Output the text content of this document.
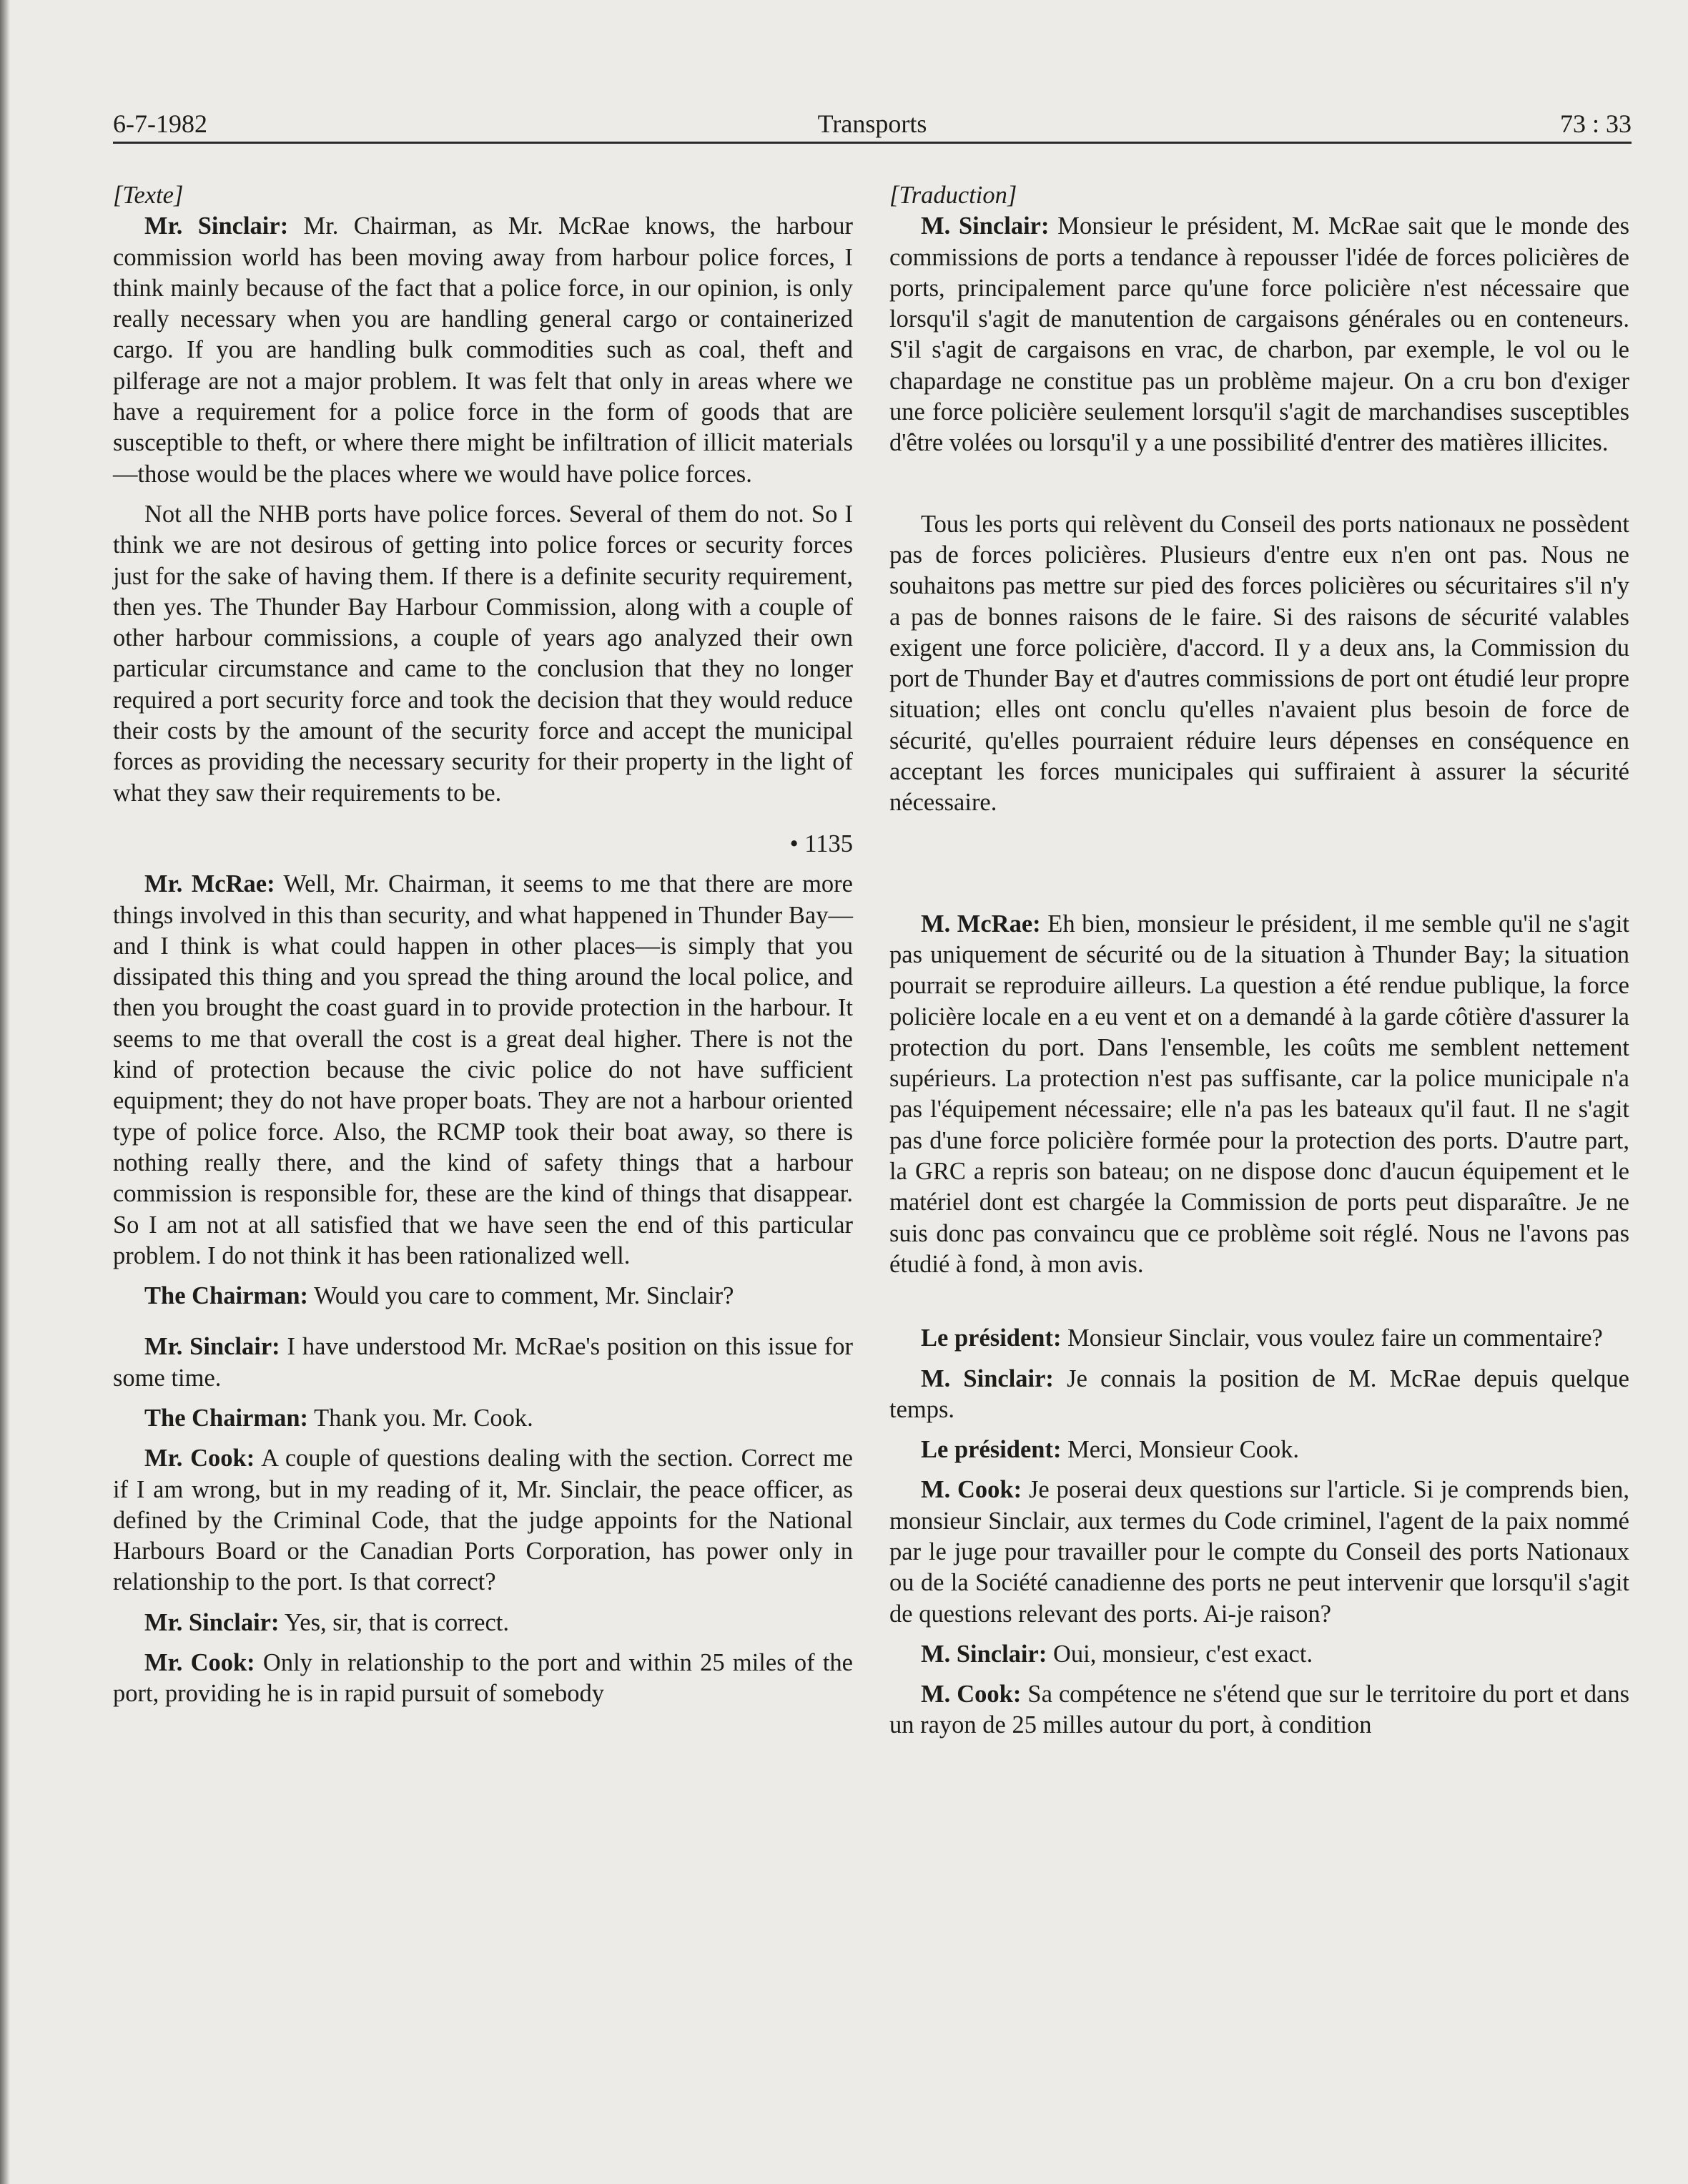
6-7-1982	Transports	73 : 33

[Texte]

Mr. Sinclair: Mr. Chairman, as Mr. McRae knows, the harbour commission world has been moving away from harbour police forces, I think mainly because of the fact that a police force, in our opinion, is only really necessary when you are handling general cargo or containerized cargo. If you are handling bulk commodities such as coal, theft and pilferage are not a major problem. It was felt that only in areas where we have a requirement for a police force in the form of goods that are susceptible to theft, or where there might be infiltration of illicit materials—those would be the places where we would have police forces.

Not all the NHB ports have police forces. Several of them do not. So I think we are not desirous of getting into police forces or security forces just for the sake of having them. If there is a definite security requirement, then yes. The Thunder Bay Harbour Commission, along with a couple of other harbour commissions, a couple of years ago analyzed their own particular circumstance and came to the conclusion that they no longer required a port security force and took the decision that they would reduce their costs by the amount of the security force and accept the municipal forces as providing the necessary security for their property in the light of what they saw their requirements to be.

• 1135

Mr. McRae: Well, Mr. Chairman, it seems to me that there are more things involved in this than security, and what happened in Thunder Bay—and I think is what could happen in other places—is simply that you dissipated this thing and you spread the thing around the local police, and then you brought the coast guard in to provide protection in the harbour. It seems to me that overall the cost is a great deal higher. There is not the kind of protection because the civic police do not have sufficient equipment; they do not have proper boats. They are not a harbour oriented type of police force. Also, the RCMP took their boat away, so there is nothing really there, and the kind of safety things that a harbour commission is responsible for, these are the kind of things that disappear. So I am not at all satisfied that we have seen the end of this particular problem. I do not think it has been rationalized well.

The Chairman: Would you care to comment, Mr. Sinclair?

Mr. Sinclair: I have understood Mr. McRae's position on this issue for some time.

The Chairman: Thank you. Mr. Cook.

Mr. Cook: A couple of questions dealing with the section. Correct me if I am wrong, but in my reading of it, Mr. Sinclair, the peace officer, as defined by the Criminal Code, that the judge appoints for the National Harbours Board or the Canadian Ports Corporation, has power only in relationship to the port. Is that correct?

Mr. Sinclair: Yes, sir, that is correct.

Mr. Cook: Only in relationship to the port and within 25 miles of the port, providing he is in rapid pursuit of somebody

[Traduction]

M. Sinclair: Monsieur le président, M. McRae sait que le monde des commissions de ports a tendance à repousser l'idée de forces policières de ports, principalement parce qu'une force policière n'est nécessaire que lorsqu'il s'agit de manutention de cargaisons générales ou en conteneurs. S'il s'agit de cargaisons en vrac, de charbon, par exemple, le vol ou le chapardage ne constitue pas un problème majeur. On a cru bon d'exiger une force policière seulement lorsqu'il s'agit de marchandises susceptibles d'être volées ou lorsqu'il y a une possibilité d'entrer des matières illicites.

Tous les ports qui relèvent du Conseil des ports nationaux ne possèdent pas de forces policières. Plusieurs d'entre eux n'en ont pas. Nous ne souhaitons pas mettre sur pied des forces policières ou sécuritaires s'il n'y a pas de bonnes raisons de le faire. Si des raisons de sécurité valables exigent une force policière, d'accord. Il y a deux ans, la Commission du port de Thunder Bay et d'autres commissions de port ont étudié leur propre situation; elles ont conclu qu'elles n'avaient plus besoin de force de sécurité, qu'elles pourraient réduire leurs dépenses en conséquence en acceptant les forces municipales qui suffiraient à assurer la sécurité nécessaire.

M. McRae: Eh bien, monsieur le président, il me semble qu'il ne s'agit pas uniquement de sécurité ou de la situation à Thunder Bay; la situation pourrait se reproduire ailleurs. La question a été rendue publique, la force policière locale en a eu vent et on a demandé à la garde côtière d'assurer la protection du port. Dans l'ensemble, les coûts me semblent nettement supérieurs. La protection n'est pas suffisante, car la police municipale n'a pas l'équipement nécessaire; elle n'a pas les bateaux qu'il faut. Il ne s'agit pas d'une force policière formée pour la protection des ports. D'autre part, la GRC a repris son bateau; on ne dispose donc d'aucun équipement et le matériel dont est chargée la Commission de ports peut disparaître. Je ne suis donc pas convaincu que ce problème soit réglé. Nous ne l'avons pas étudié à fond, à mon avis.

Le président: Monsieur Sinclair, vous voulez faire un commentaire?

M. Sinclair: Je connais la position de M. McRae depuis quelque temps.

Le président: Merci, Monsieur Cook.

M. Cook: Je poserai deux questions sur l'article. Si je comprends bien, monsieur Sinclair, aux termes du Code criminel, l'agent de la paix nommé par le juge pour travailler pour le compte du Conseil des ports Nationaux ou de la Société canadienne des ports ne peut intervenir que lorsqu'il s'agit de questions relevant des ports. Ai-je raison?

M. Sinclair: Oui, monsieur, c'est exact.

M. Cook: Sa compétence ne s'étend que sur le territoire du port et dans un rayon de 25 milles autour du port, à condition
